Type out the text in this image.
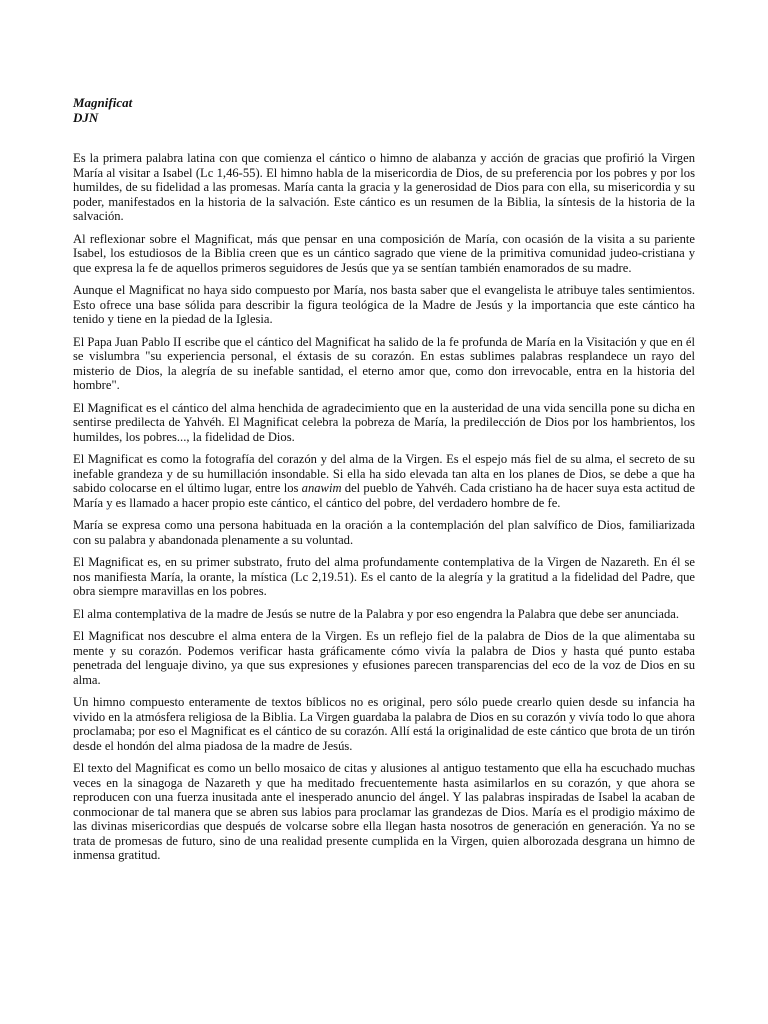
Magnificat

DJN

Es la primera palabra latina con que comienza el cántico o himno de alabanza y acción de gracias que profirió la Virgen María al visitar a Isabel (Lc 1,46-55). El himno habla de la misericordia de Dios, de su preferencia por los pobres y por los humildes, de su fidelidad a las promesas. María canta la gracia y la generosidad de Dios para con ella, su misericordia y su poder, manifestados en la historia de la salvación. Este cántico es un resumen de la Biblia, la síntesis de la historia de la salvación.

Al reflexionar sobre el Magnificat, más que pensar en una composición de María, con ocasión de la visita a su pariente Isabel, los estudiosos de la Biblia creen que es un cántico sagrado que viene de la primitiva comunidad judeo-cristiana y que expresa la fe de aquellos primeros seguidores de Jesús que ya se sentían también enamorados de su madre.

Aunque el Magnificat no haya sido compuesto por María, nos basta saber que el evangelista le atribuye tales sentimientos. Esto ofrece una base sólida para describir la figura teológica de la Madre de Jesús y la importancia que este cántico ha tenido y tiene en la piedad de la Iglesia.

El Papa Juan Pablo II escribe que el cántico del Magnificat ha salido de la fe profunda de María en la Visitación y que en él se vislumbra "su experiencia personal, el éxtasis de su corazón. En estas sublimes palabras resplandece un rayo del misterio de Dios, la alegría de su inefable santidad, el eterno amor que, como don irrevocable, entra en la historia del hombre".

El Magnificat es el cántico del alma henchida de agradecimiento que en la austeridad de una vida sencilla pone su dicha en sentirse predilecta de Yahvéh. El Magnificat celebra la pobreza de María, la predilección de Dios por los hambrientos, los humildes, los pobres..., la fidelidad de Dios.

El Magnificat es como la fotografía del corazón y del alma de la Virgen. Es el espejo más fiel de su alma, el secreto de su inefable grandeza y de su humillación insondable. Si ella ha sido elevada tan alta en los planes de Dios, se debe a que ha sabido colocarse en el último lugar, entre los anawim del pueblo de Yahvéh. Cada cristiano ha de hacer suya esta actitud de María y es llamado a hacer propio este cántico, el cántico del pobre, del verdadero hombre de fe.

María se expresa como una persona habituada en la oración a la contemplación del plan salvífico de Dios, familiarizada con su palabra y abandonada plenamente a su voluntad.

El Magnificat es, en su primer substrato, fruto del alma profundamente contemplativa de la Virgen de Nazareth. En él se nos manifiesta María, la orante, la mística (Lc 2,19.51). Es el canto de la alegría y la gratitud a la fidelidad del Padre, que obra siempre maravillas en los pobres.

El alma contemplativa de la madre de Jesús se nutre de la Palabra y por eso engendra la Palabra que debe ser anunciada.

El Magnificat nos descubre el alma entera de la Virgen. Es un reflejo fiel de la palabra de Dios de la que alimentaba su mente y su corazón. Podemos verificar hasta gráficamente cómo vivía la palabra de Dios y hasta qué punto estaba penetrada del lenguaje divino, ya que sus expresiones y efusiones parecen transparencias del eco de la voz de Dios en su alma.

Un himno compuesto enteramente de textos bíblicos no es original, pero sólo puede crearlo quien desde su infancia ha vivido en la atmósfera religiosa de la Biblia. La Virgen guardaba la palabra de Dios en su corazón y vivía todo lo que ahora proclamaba; por eso el Magnificat es el cántico de su corazón. Allí está la originalidad de este cántico que brota de un tirón desde el hondón del alma piadosa de la madre de Jesús.

El texto del Magnificat es como un bello mosaico de citas y alusiones al antiguo testamento que ella ha escuchado muchas veces en la sinagoga de Nazareth y que ha meditado frecuentemente hasta asimilarlos en su corazón, y que ahora se reproducen con una fuerza inusitada ante el inesperado anuncio del ángel. Y las palabras inspiradas de Isabel la acaban de conmocionar de tal manera que se abren sus labios para proclamar las grandezas de Dios. María es el prodigio máximo de las divinas misericordias que después de volcarse sobre ella llegan hasta nosotros de generación en generación. Ya no se trata de promesas de futuro, sino de una realidad presente cumplida en la Virgen, quien alborozada desgrana un himno de inmensa gratitud.
